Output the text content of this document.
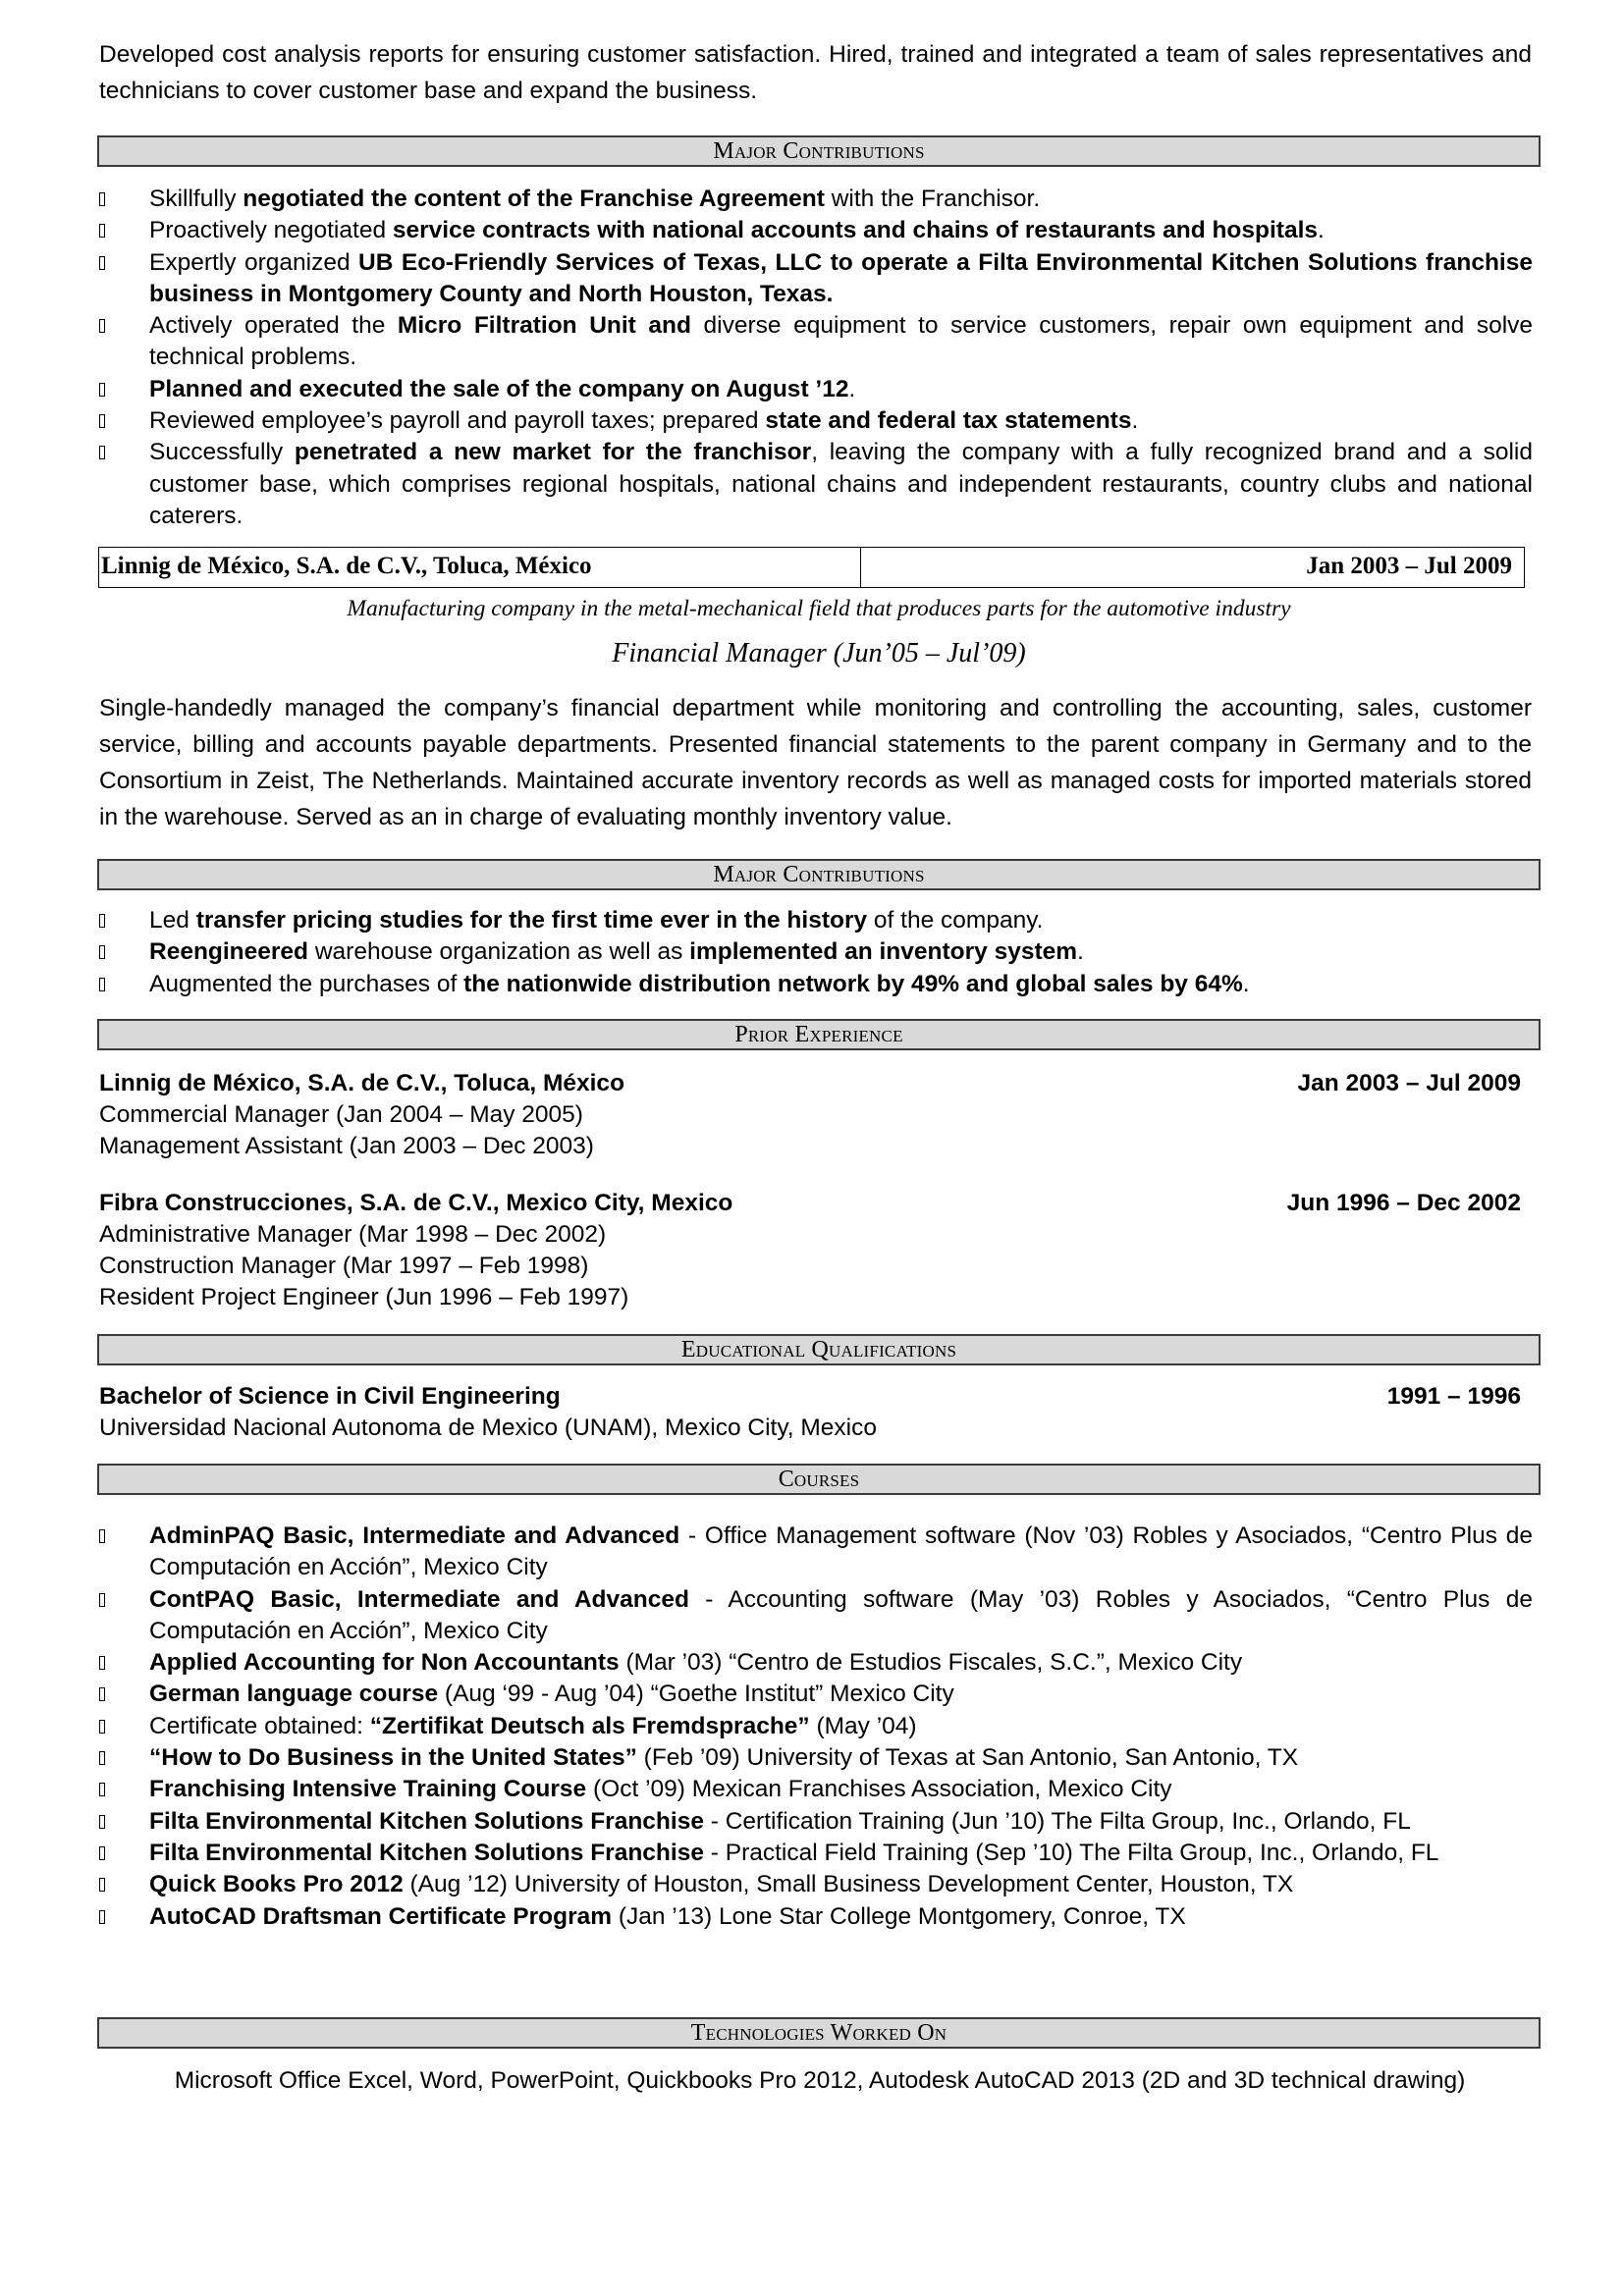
Developed cost analysis reports for ensuring customer satisfaction. Hired, trained and integrated a team of sales representatives and technicians to cover customer base and expand the business.
Major Contributions
Skillfully negotiated the content of the Franchise Agreement with the Franchisor.
Proactively negotiated service contracts with national accounts and chains of restaurants and hospitals.
Expertly organized UB Eco-Friendly Services of Texas, LLC to operate a Filta Environmental Kitchen Solutions franchise business in Montgomery County and North Houston, Texas.
Actively operated the Micro Filtration Unit and diverse equipment to service customers, repair own equipment and solve technical problems.
Planned and executed the sale of the company on August ’12.
Reviewed employee’s payroll and payroll taxes; prepared state and federal tax statements.
Successfully penetrated a new market for the franchisor, leaving the company with a fully recognized brand and a solid customer base, which comprises regional hospitals, national chains and independent restaurants, country clubs and national caterers.
Linnig de México, S.A. de C.V., Toluca, México	Jan 2003 – Jul 2009
Manufacturing company in the metal-mechanical field that produces parts for the automotive industry
Financial Manager (Jun’05 – Jul’09)
Single-handedly managed the company’s financial department while monitoring and controlling the accounting, sales, customer service, billing and accounts payable departments. Presented financial statements to the parent company in Germany and to the Consortium in Zeist, The Netherlands. Maintained accurate inventory records as well as managed costs for imported materials stored in the warehouse. Served as an in charge of evaluating monthly inventory value.
Major Contributions
Led transfer pricing studies for the first time ever in the history of the company.
Reengineered warehouse organization as well as implemented an inventory system.
Augmented the purchases of the nationwide distribution network by 49% and global sales by 64%.
Prior Experience
Linnig de México, S.A. de C.V., Toluca, México	Jan 2003 – Jul 2009
Commercial Manager (Jan 2004 – May 2005)
Management Assistant (Jan 2003 – Dec 2003)
Fibra Construcciones, S.A. de C.V., Mexico City, Mexico	Jun 1996 – Dec 2002
Administrative Manager (Mar 1998 – Dec 2002)
Construction Manager (Mar 1997 – Feb 1998)
Resident Project Engineer (Jun 1996 – Feb 1997)
Educational Qualifications
Bachelor of Science in Civil Engineering	1991 – 1996
Universidad Nacional Autonoma de Mexico (UNAM), Mexico City, Mexico
Courses
AdminPAQ Basic, Intermediate and Advanced - Office Management software (Nov ’03) Robles y Asociados, “Centro Plus de Computación en Acción”, Mexico City
ContPAQ Basic, Intermediate and Advanced - Accounting software (May ’03) Robles y Asociados, “Centro Plus de Computación en Acción”, Mexico City
Applied Accounting for Non Accountants (Mar ’03) “Centro de Estudios Fiscales, S.C.”, Mexico City
German language course (Aug ‘99 - Aug ’04) “Goethe Institut” Mexico City
Certificate obtained: “Zertifikat Deutsch als Fremdsprache” (May ’04)
“How to Do Business in the United States” (Feb ’09) University of Texas at San Antonio, San Antonio, TX
Franchising Intensive Training Course (Oct ’09) Mexican Franchises Association, Mexico City
Filta Environmental Kitchen Solutions Franchise - Certification Training (Jun ’10) The Filta Group, Inc., Orlando, FL
Filta Environmental Kitchen Solutions Franchise - Practical Field Training (Sep ’10) The Filta Group, Inc., Orlando, FL
Quick Books Pro 2012 (Aug ’12) University of Houston, Small Business Development Center, Houston, TX
AutoCAD Draftsman Certificate Program (Jan ’13) Lone Star College Montgomery, Conroe, TX
Technologies Worked On
Microsoft Office Excel, Word, PowerPoint, Quickbooks Pro 2012, Autodesk AutoCAD 2013 (2D and 3D technical drawing)
